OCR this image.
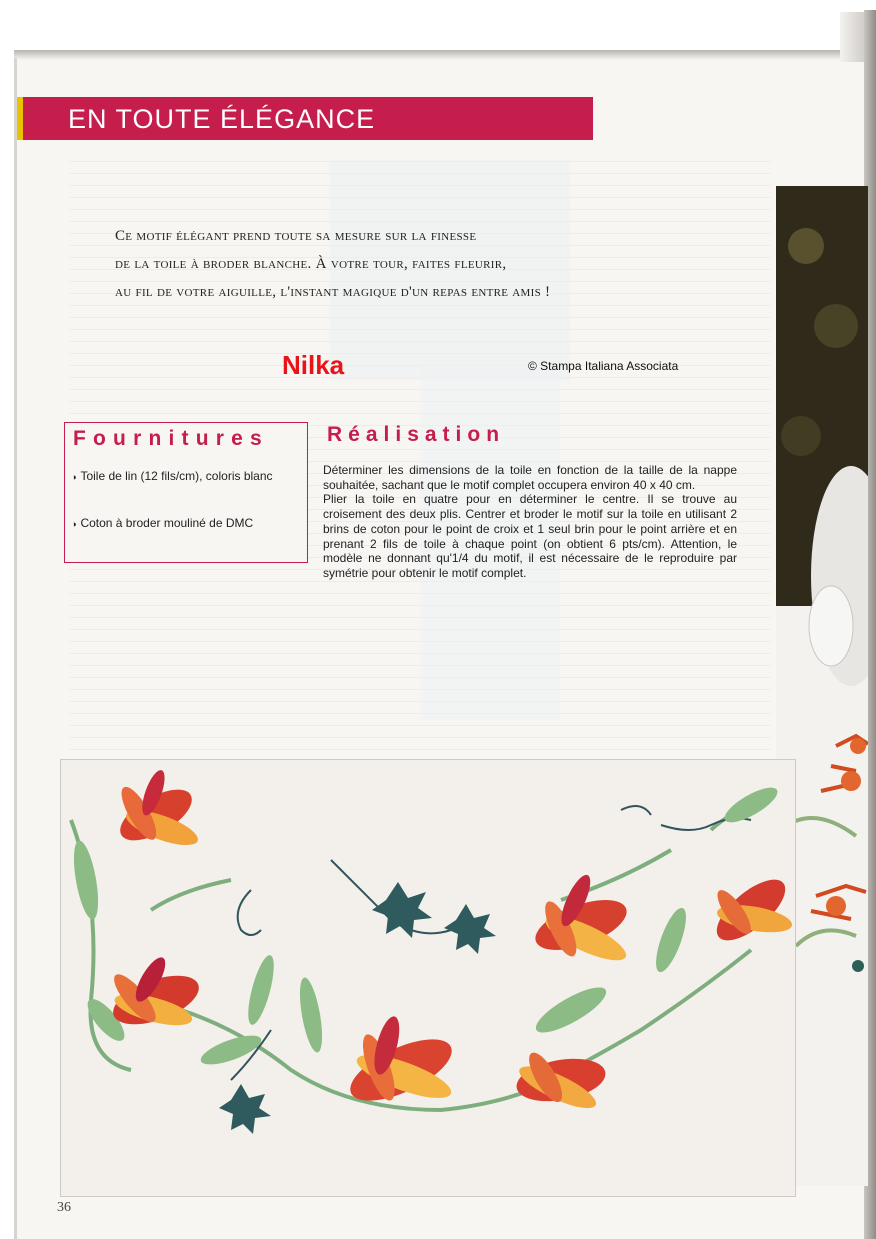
EN TOUTE ÉLÉGANCE
Ce motif élégant prend toute sa mesure sur la finesse
de la toile à broder blanche. À votre tour, faites fleurir,
au fil de votre aiguille, l'instant magique d'un repas entre amis !
Nilka	© Stampa Italiana Associata
Fournitures
◗ Toile de lin (12 fils/cm), coloris blanc
◗ Coton à broder mouliné de DMC
Réalisation

Déterminer les dimensions de la toile en fonction de la taille de la nappe souhaitée, sachant que le motif complet occupera environ 40 x 40 cm.

Plier la toile en quatre pour en déterminer le centre. Il se trouve au croisement des deux plis. Centrer et broder le motif sur la toile en utilisant 2 brins de coton pour le point de croix et 1 seul brin pour le point arrière et en prenant 2 fils de toile à chaque point (on obtient 6 pts/cm). Attention, le modèle ne donnant qu'1/4 du motif, il est nécessaire de le reproduire par symétrie pour obtenir le motif complet.

36
